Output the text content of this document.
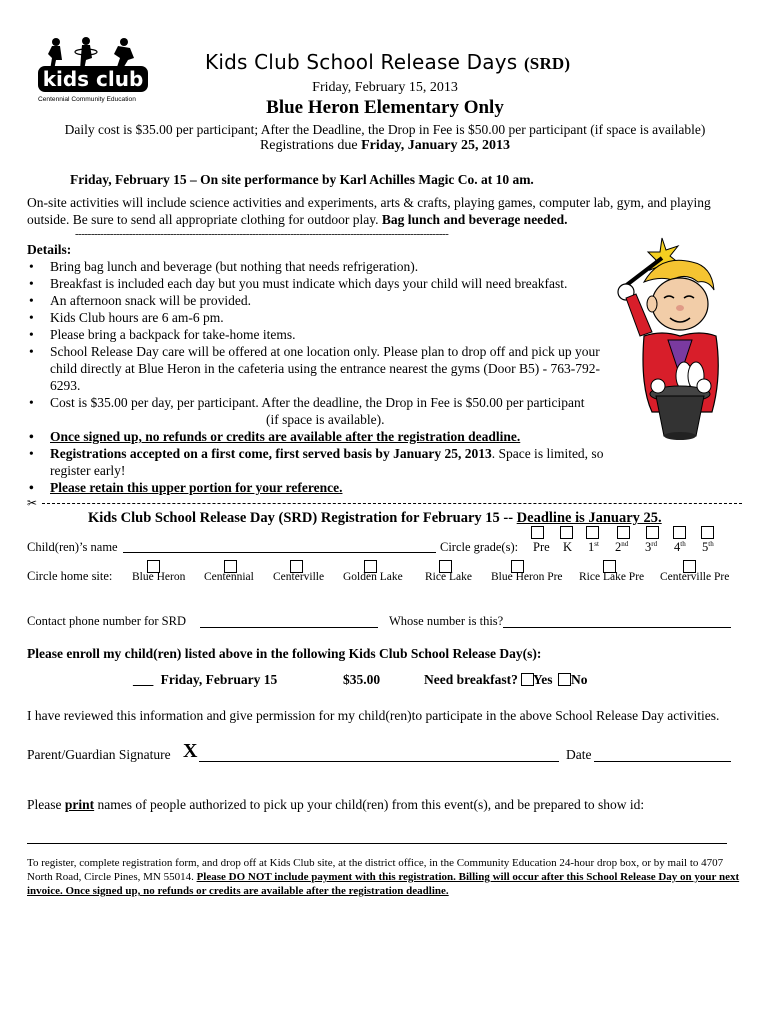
kids club
Centennial Community Education
Kids Club School Release Days (SRD)
Friday, February 15, 2013
Blue Heron Elementary Only
Daily cost is $35.00 per participant; After the Deadline, the Drop in Fee is $50.00 per participant (if space is available)
Registrations due Friday, January 25, 2013
Friday, February 15 – On site performance by Karl Achilles Magic Co. at 10 am.
On-site activities will include science activities and experiments, arts & crafts, playing games, computer lab, gym, and playing outside. Be sure to send all appropriate clothing for outdoor play. Bag lunch and beverage needed.
----------------------------------------------------------------------------------------------------------------------
Details:
• Bring bag lunch and beverage (but nothing that needs refrigeration).
• Breakfast is included each day but you must indicate which days your child will need breakfast.
• An afternoon snack will be provided.
• Kids Club hours are 6 am-6 pm.
• Please bring a backpack for take-home items.
• School Release Day care will be offered at one location only. Please plan to drop off and pick up your child directly at Blue Heron in the cafeteria using the entrance nearest the gyms (Door B5) - 763-792-6293.
• Cost is $35.00 per day, per participant. After the deadline, the Drop in Fee is $50.00 per participant
(if space is available).
• Once signed up, no refunds or credits are available after the registration deadline.
• Registrations accepted on a first come, first served basis by January 25, 2013. Space is limited, so register early!
• Please retain this upper portion for your reference.
✂
Kids Club School Release Day (SRD) Registration for February 15 -- Deadline is January 25.
Child(ren)’s name	Circle grade(s): Pre K 1st 2nd 3rd 4th 5th
Circle home site: Blue Heron Centennial Centerville Golden Lake Rice Lake Blue Heron Pre Rice Lake Pre Centerville Pre
Contact phone number for SRD	Whose number is this?
Please enroll my child(ren) listed above in the following Kids Club School Release Day(s):
___ Friday, February 15	$35.00	Need breakfast? Yes No
I have reviewed this information and give permission for my child(ren)to participate in the above School Release Day activities.
Parent/Guardian Signature X	Date
Please print names of people authorized to pick up your child(ren) from this event(s), and be prepared to show id:
To register, complete registration form, and drop off at Kids Club site, at the district office, in the Community Education 24-hour drop box, or by mail to 4707 North Road, Circle Pines, MN 55014. Please DO NOT include payment with this registration. Billing will occur after this School Release Day on your next invoice. Once signed up, no refunds or credits are available after the registration deadline.
